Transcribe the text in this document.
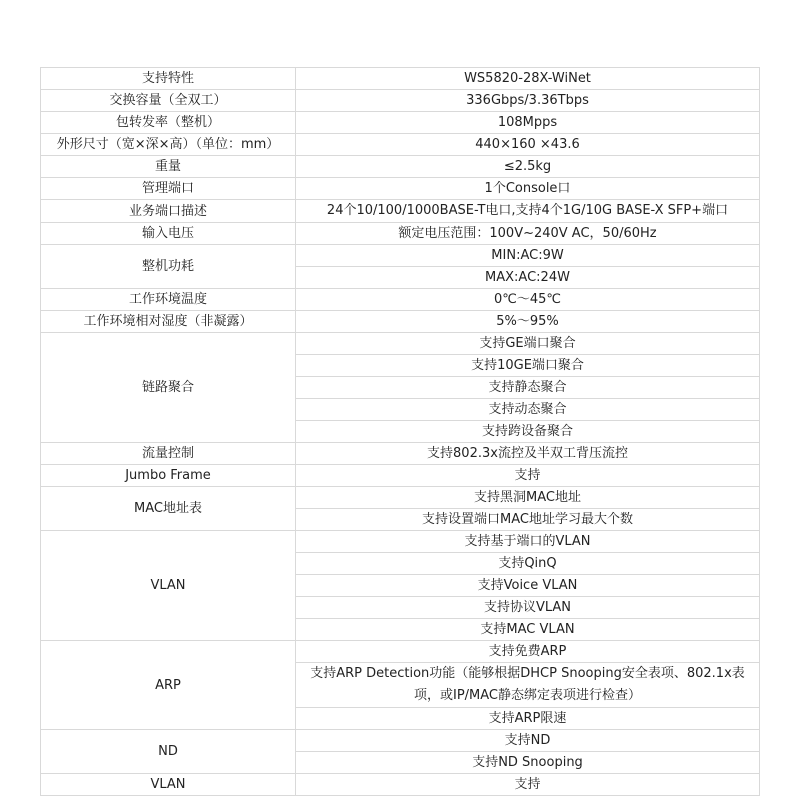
支持特性	WS5820-28X-WiNet
交换容量（全双工）	336Gbps/3.36Tbps
包转发率（整机）	108Mpps
外形尺寸（宽×深×高）（单位：mm）	440×160 ×43.6
重量	≤2.5kg
管理端口	1个Console口
业务端口描述	24个10/100/1000BASE-T电口,支持4个1G/10G BASE-X SFP+端口
输入电压	额定电压范围：100V~240V AC，50/60Hz
整机功耗	MIN:AC:9W
	MAX:AC:24W
工作环境温度	0℃～45℃
工作环境相对湿度（非凝露）	5%～95%
链路聚合	支持GE端口聚合
	支持10GE端口聚合
	支持静态聚合
	支持动态聚合
	支持跨设备聚合
流量控制	支持802.3x流控及半双工背压流控
Jumbo Frame	支持
MAC地址表	支持黑洞MAC地址
	支持设置端口MAC地址学习最大个数
VLAN	支持基于端口的VLAN
	支持QinQ
	支持Voice VLAN
	支持协议VLAN
	支持MAC VLAN
ARP	支持免费ARP
	支持ARP Detection功能（能够根据DHCP Snooping安全表项、802.1x表项，或IP/MAC静态绑定表项进行检查）
	支持ARP限速
ND	支持ND
	支持ND Snooping
VLAN	支持
